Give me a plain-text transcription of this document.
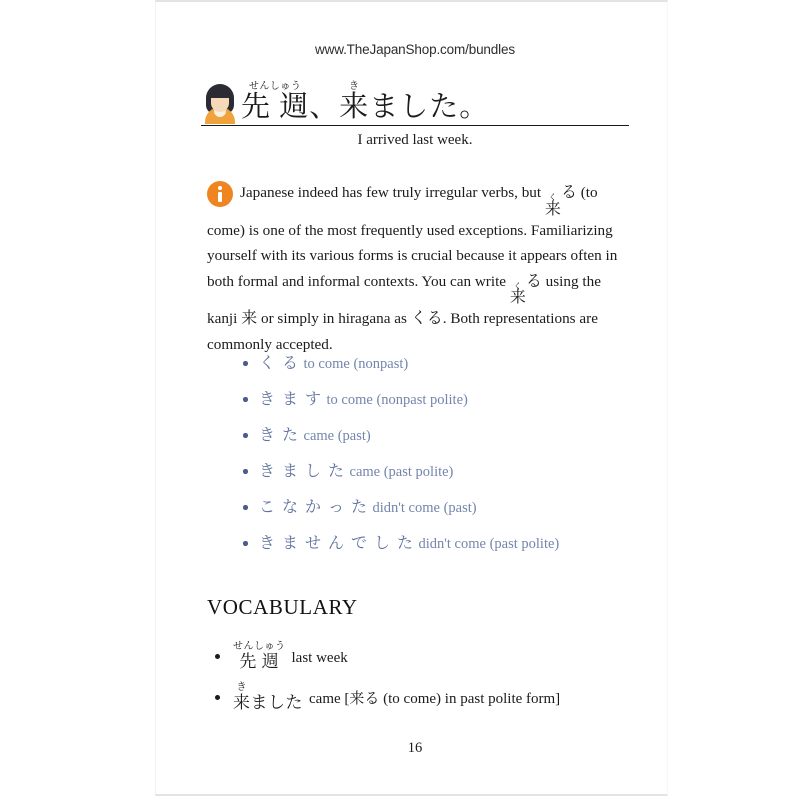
www.TheJapanShop.com/bundles
せんしゅう
先 週 、
き
来 ました。
I arrived last week.
Japanese indeed has few truly irregular verbs, but く
来
る (to come) is one of the most frequently used exceptions. Familiarizing yourself with its various forms is crucial because it appears often in both formal and informal contexts. You can write く
来
る using the kanji 来 or simply in hiragana as くる. Both representations are commonly accepted.
く る to come (nonpast)
き ま す to come (nonpast polite)
き た came (past)
き ま し た came (past polite)
こ な か っ た didn't come (past)
き ま せ ん で し た didn't come (past polite)
VOCABULARY
せんしゅう
先 週 last week
き
来 ました came [来る (to come) in past polite form]
16
